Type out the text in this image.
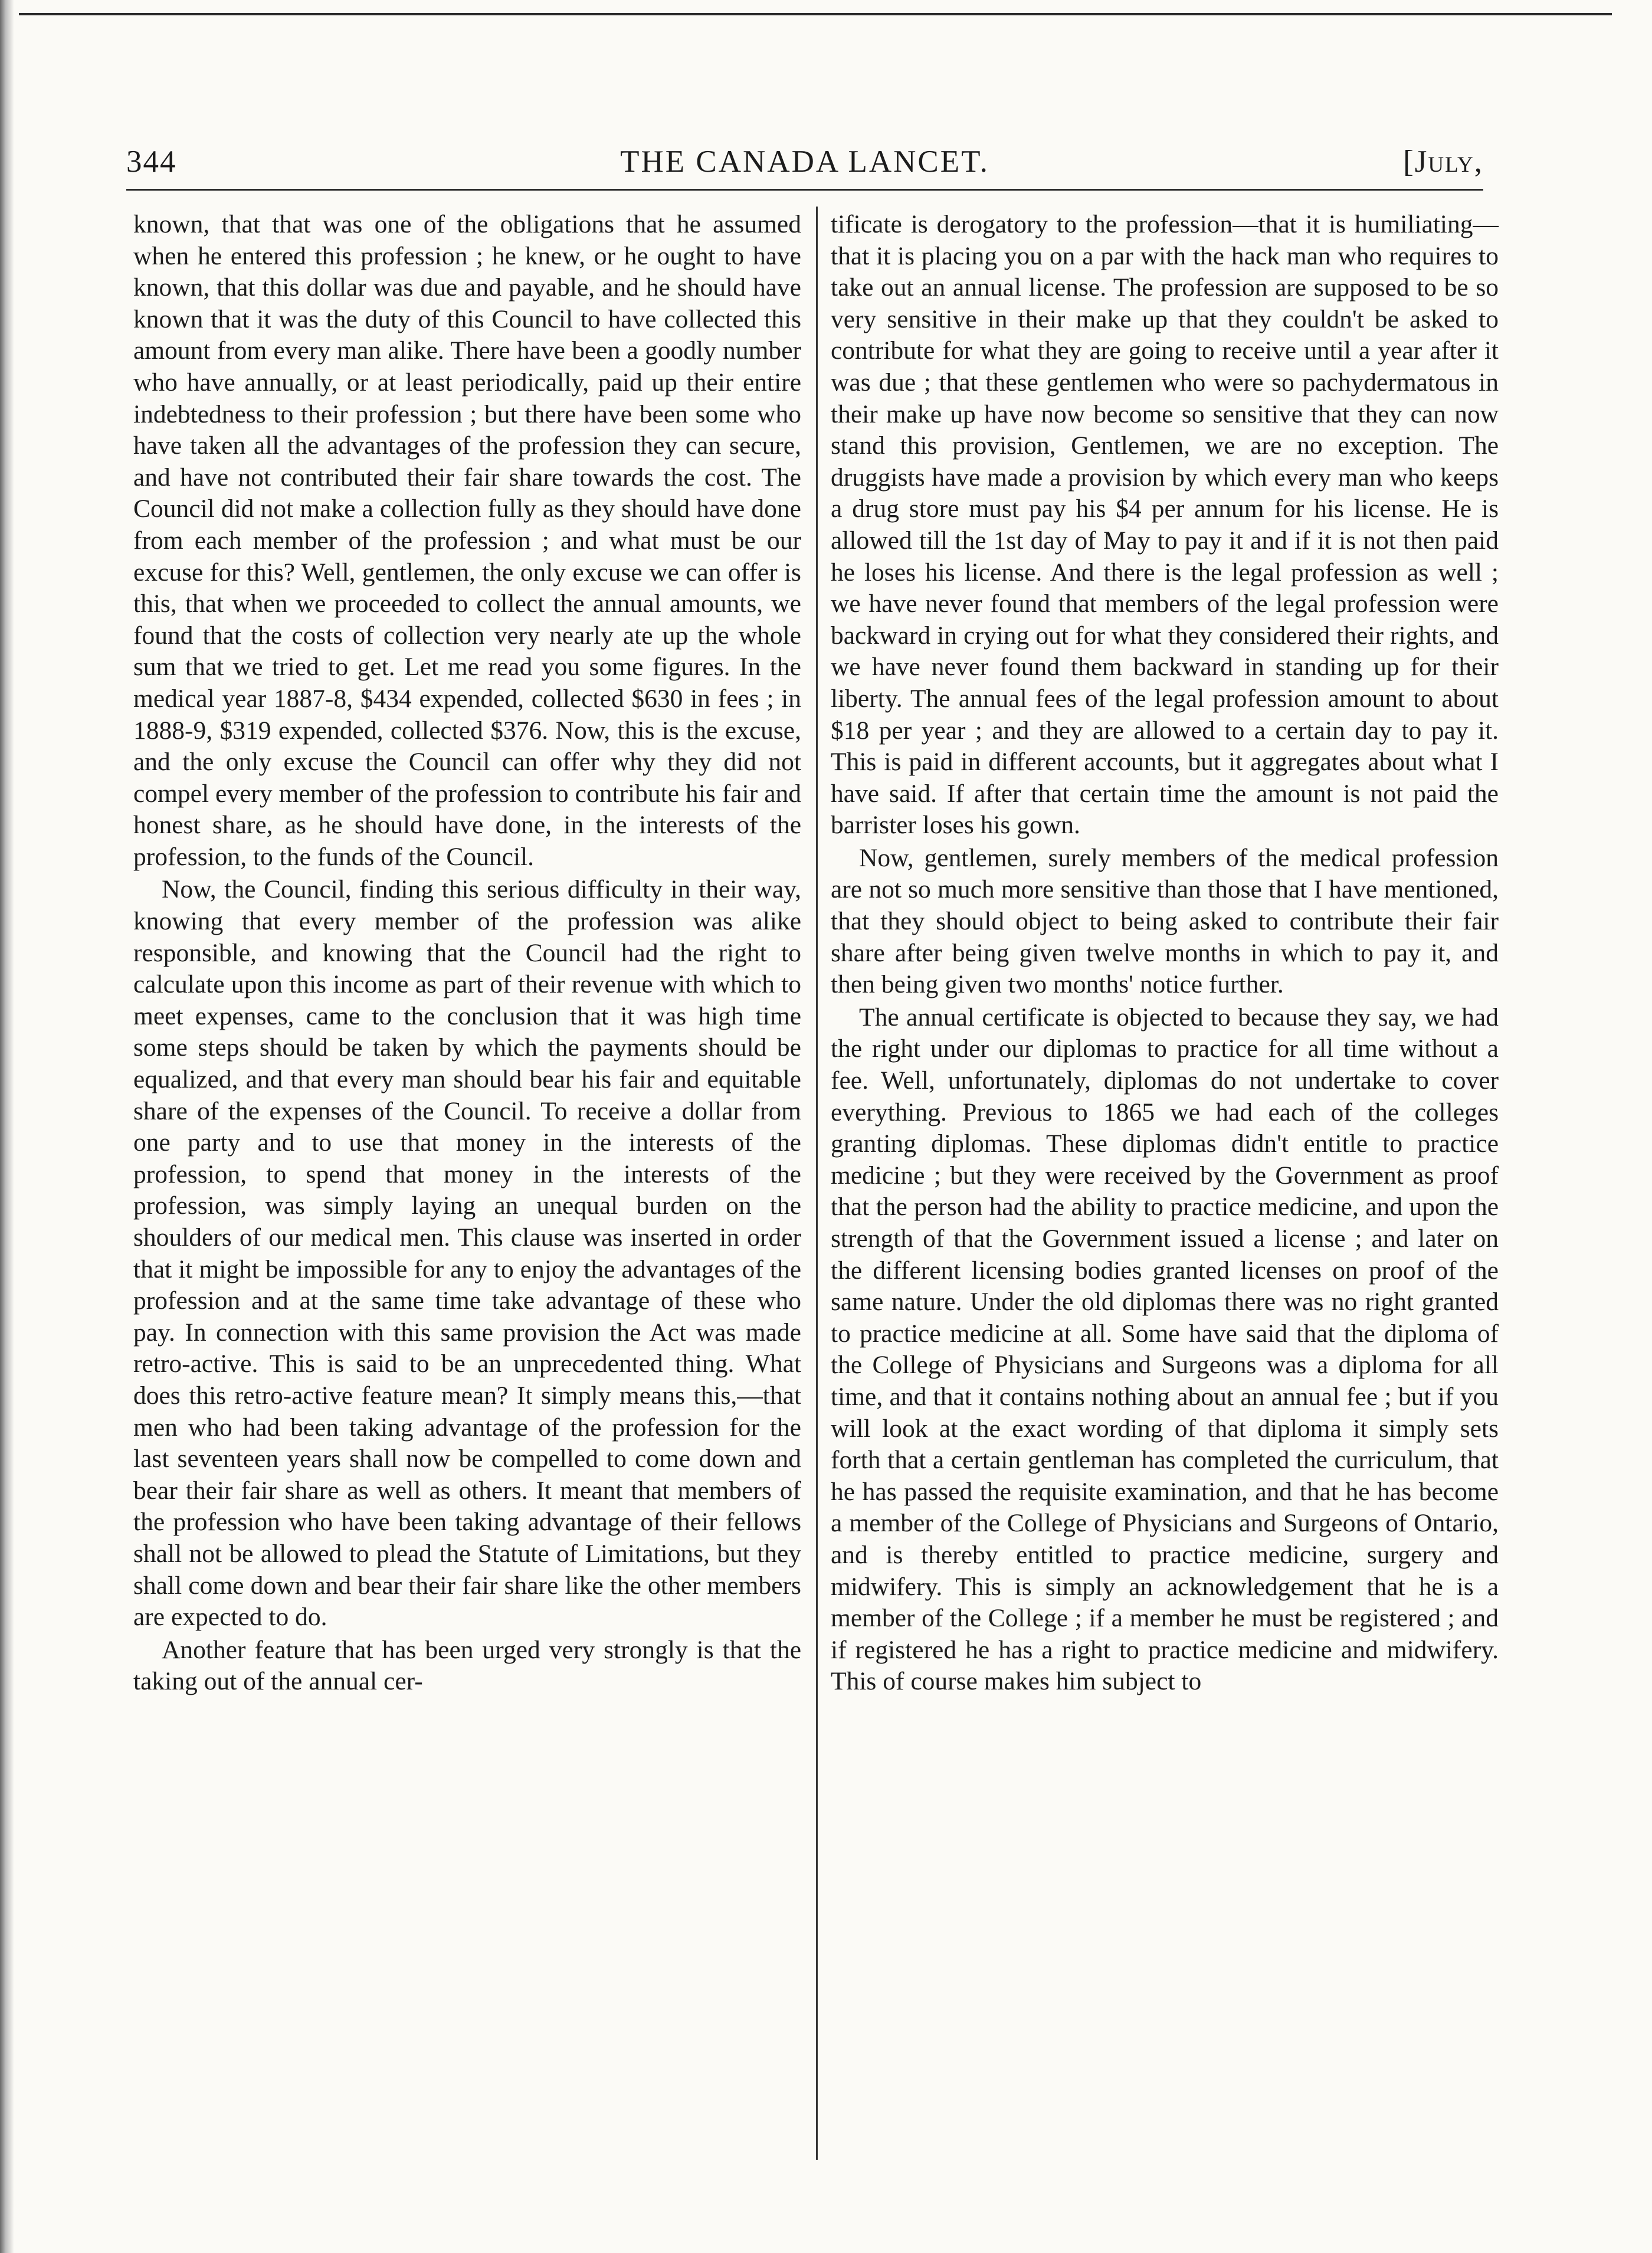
344	THE CANADA LANCET.	[July,

known, that that was one of the obligations that he assumed when he entered this profession ; he knew, or he ought to have known, that this dollar was due and payable, and he should have known that it was the duty of this Council to have collected this amount from every man alike. There have been a goodly number who have annually, or at least periodically, paid up their entire indebtedness to their profession ; but there have been some who have taken all the advantages of the profession they can secure, and have not contributed their fair share towards the cost. The Council did not make a collection fully as they should have done from each member of the profession ; and what must be our excuse for this? Well, gentlemen, the only excuse we can offer is this, that when we proceeded to collect the annual amounts, we found that the costs of collection very nearly ate up the whole sum that we tried to get. Let me read you some figures. In the medical year 1887-8, $434 expended, collected $630 in fees ; in 1888-9, $319 expended, collected $376. Now, this is the excuse, and the only excuse the Council can offer why they did not compel every member of the profession to contribute his fair and honest share, as he should have done, in the interests of the profession, to the funds of the Council.

Now, the Council, finding this serious difficulty in their way, knowing that every member of the profession was alike responsible, and knowing that the Council had the right to calculate upon this income as part of their revenue with which to meet expenses, came to the conclusion that it was high time some steps should be taken by which the payments should be equalized, and that every man should bear his fair and equitable share of the expenses of the Council. To receive a dollar from one party and to use that money in the interests of the profession, to spend that money in the interests of the profession, was simply laying an unequal burden on the shoulders of our medical men. This clause was inserted in order that it might be impossible for any to enjoy the advantages of the profession and at the same time take advantage of these who pay. In connection with this same provision the Act was made retro-active. This is said to be an unprecedented thing. What does this retro-active feature mean? It simply means this,—that men who had been taking advantage of the profession for the last seventeen years shall now be compelled to come down and bear their fair share as well as others. It meant that members of the profession who have been taking advantage of their fellows shall not be allowed to plead the Statute of Limitations, but they shall come down and bear their fair share like the other members are expected to do.

Another feature that has been urged very strongly is that the taking out of the annual cer-

tificate is derogatory to the profession—that it is humiliating—that it is placing you on a par with the hack man who requires to take out an annual license. The profession are supposed to be so very sensitive in their make up that they couldn't be asked to contribute for what they are going to receive until a year after it was due ; that these gentlemen who were so pachydermatous in their make up have now become so sensitive that they can now stand this provision, Gentlemen, we are no exception. The druggists have made a provision by which every man who keeps a drug store must pay his $4 per annum for his license. He is allowed till the 1st day of May to pay it and if it is not then paid he loses his license. And there is the legal profession as well ; we have never found that members of the legal profession were backward in crying out for what they considered their rights, and we have never found them backward in standing up for their liberty. The annual fees of the legal profession amount to about $18 per year ; and they are allowed to a certain day to pay it. This is paid in different accounts, but it aggregates about what I have said. If after that certain time the amount is not paid the barrister loses his gown.

Now, gentlemen, surely members of the medical profession are not so much more sensitive than those that I have mentioned, that they should object to being asked to contribute their fair share after being given twelve months in which to pay it, and then being given two months' notice further.

The annual certificate is objected to because they say, we had the right under our diplomas to practice for all time without a fee. Well, unfortunately, diplomas do not undertake to cover everything. Previous to 1865 we had each of the colleges granting diplomas. These diplomas didn't entitle to practice medicine ; but they were received by the Government as proof that the person had the ability to practice medicine, and upon the strength of that the Government issued a license ; and later on the different licensing bodies granted licenses on proof of the same nature. Under the old diplomas there was no right granted to practice medicine at all. Some have said that the diploma of the College of Physicians and Surgeons was a diploma for all time, and that it contains nothing about an annual fee ; but if you will look at the exact wording of that diploma it simply sets forth that a certain gentleman has completed the curriculum, that he has passed the requisite examination, and that he has become a member of the College of Physicians and Surgeons of Ontario, and is thereby entitled to practice medicine, surgery and midwifery. This is simply an acknowledgement that he is a member of the College ; if a member he must be registered ; and if registered he has a right to practice medicine and midwifery. This of course makes him subject to
